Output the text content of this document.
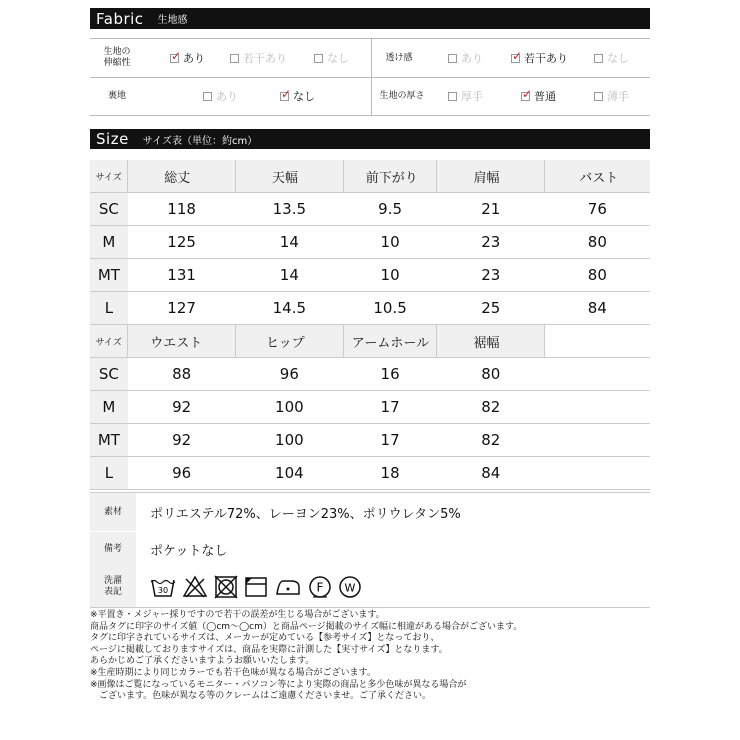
Fabric 生地感
生地の
伸縮性
✓ あり	若干あり	なし	透け感	あり ✓ 若干あり	なし
裏地	あり	✓ なし	生地の厚さ	厚手	✓ 普通	薄手
Size サイズ表（単位：約cm）
サイズ	総丈	天幅	前下がり	肩幅	バスト
SC	118	13.5	9.5	21	76
M	125	14	10	23	80
MT	131	14	10	23	80
L	127	14.5	10.5	25	84
サイズ	ウエスト	ヒップ	アームホール	裾幅	
SC	88	96	16	80	
M	92	100	17	82	
MT	92	100	17	82	
L	96	104	18	84	
素材	ポリエステル72%、レーヨン23%、ポリウレタン5%
備考	ポケットなし
洗濯
表記	30	F W
※平置き・メジャー採りですので若干の誤差が生じる場合がございます。
商品タグに印字のサイズ値（◯cm〜◯cm）と商品ページ掲載のサイズ幅に相違がある場合がございます。
タグに印字されているサイズは、メーカーが定めている【参考サイズ】となっており、
ページに掲載しておりますサイズは、商品を実際に計測した【実寸サイズ】となります。
あらかじめご了承くださいますようお願いいたします。
※生産時期により同じカラーでも若干色味が異なる場合がございます。
※画像はご覧になっているモニター・パソコン等により実際の商品と多少色味が異なる場合が
　ございます。色味が異なる等のクレームはご遠慮くださいませ。ご了承ください。
